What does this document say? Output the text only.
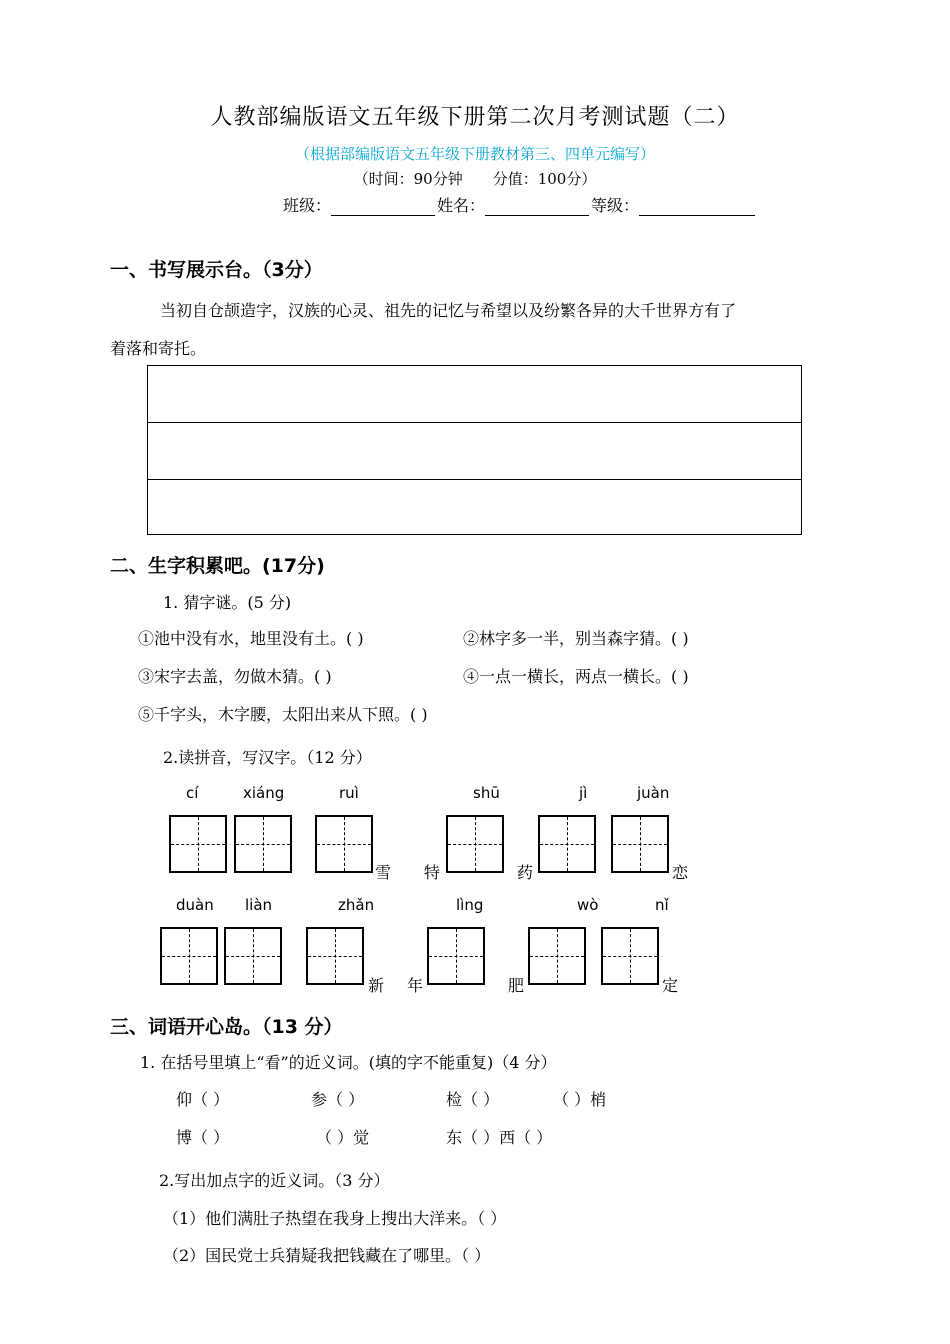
人教部编版语文五年级下册第二次月考测试题（二）
（根据部编版语文五年级下册教材第三、四单元编写）
（时间：90分钟 分值：100分）
班级：	姓名：	等级：
一、书写展示台。（3分）
当初自仓颉造字，汉族的心灵、祖先的记忆与希望以及纷繁各异的大千世界方有了
着落和寄托。
二、生字积累吧。(17分)
1. 猜字谜。(5 分)
①池中没有水，地里没有土。( )	②林字多一半，别当森字猜。( )
③宋字去盖，勿做木猜。( )	④一点一横长，两点一横长。( )
⑤千字头，木字腰，太阳出来从下照。( )
2.读拼音，写汉字。（12 分）
cí	xiáng	ruì	shū	jì	juàn
雪 特	药	恋
duàn liàn	zhǎn	lìng	wò	nǐ
新 年	肥	定
三、词语开心岛。（13 分）
1. 在括号里填上“看”的近义词。(填的字不能重复)（4 分）
仰（ ）	参（ ）	检（ ）	（ ）梢
博（ ）	（ ）觉	东（ ）西（ ）
2.写出加点字的近义词。（3 分）
（1）他们满肚子热望在我身上搜出大洋来。（ ）
（2）国民党士兵猜疑我把钱藏在了哪里。（ ）
